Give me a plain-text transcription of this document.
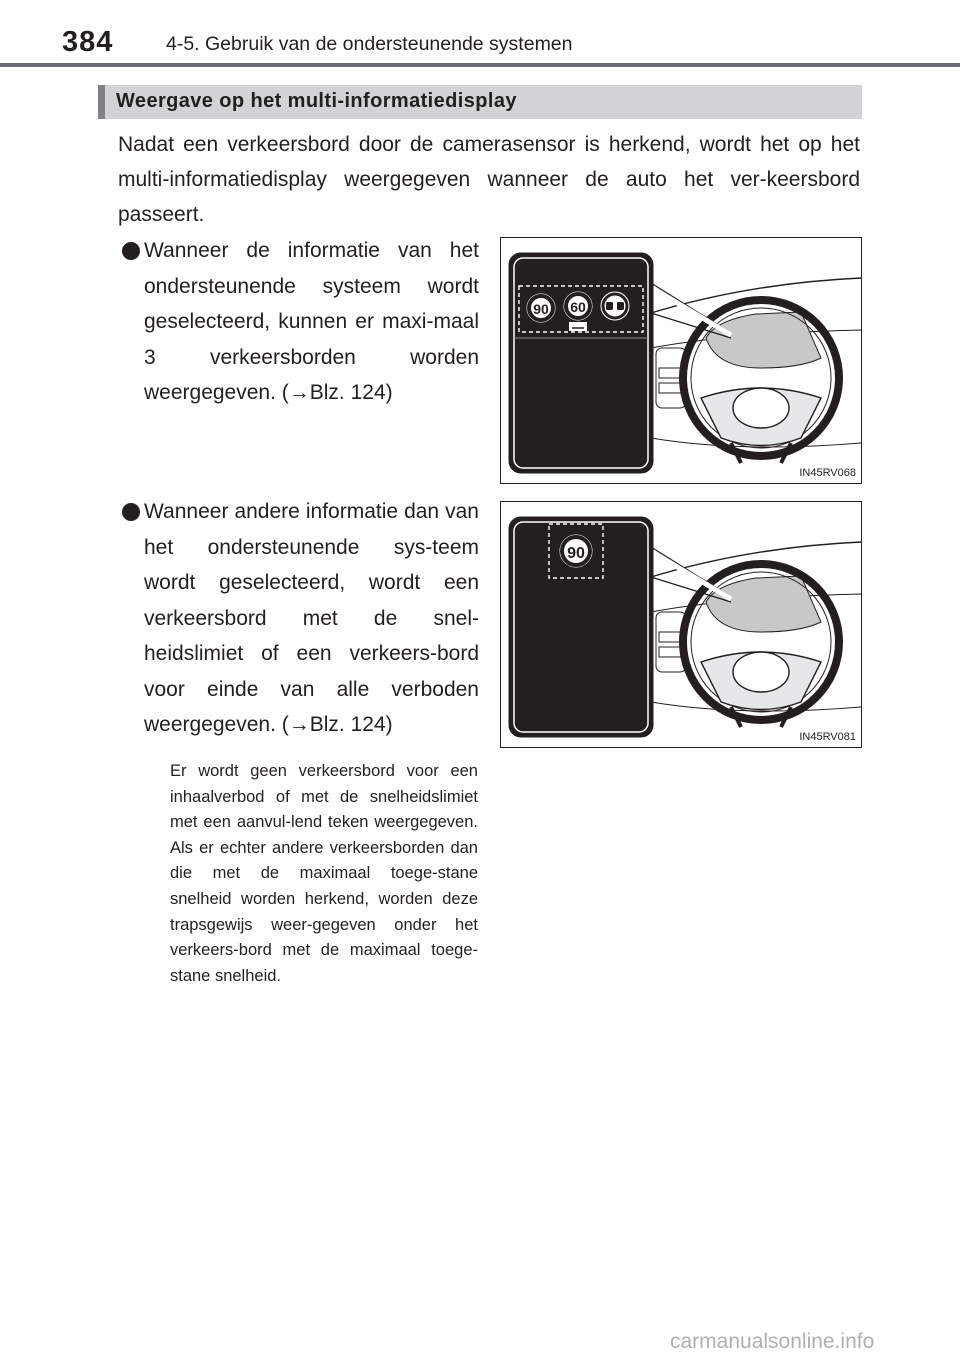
384	4-5. Gebruik van de ondersteunende systemen
Weergave op het multi-informatiedisplay
Nadat een verkeersbord door de camerasensor is herkend, wordt het op het multi-informatiedisplay weergegeven wanneer de auto het ver-keersbord passeert.
Wanneer de informatie van het ondersteunende systeem wordt geselecteerd, kunnen er maxi-maal 3 verkeersborden worden weergegeven. (→Blz. 124)
Wanneer andere informatie dan van het ondersteunende sys-teem wordt geselecteerd, wordt een verkeersbord met de snel-heidslimiet of een verkeers-bord voor einde van alle verboden weergegeven. (→Blz. 124)
Er wordt geen verkeersbord voor een inhaalverbod of met de snelheidslimiet met een aanvul-lend teken weergegeven. Als er echter andere verkeersborden dan die met de maximaal toege-stane snelheid worden herkend, worden deze trapsgewijs weer-gegeven onder het verkeers-bord met de maximaal toege-stane snelheid.
90 60
IN45RV068
90
IN45RV081
carmanualsonline.info
